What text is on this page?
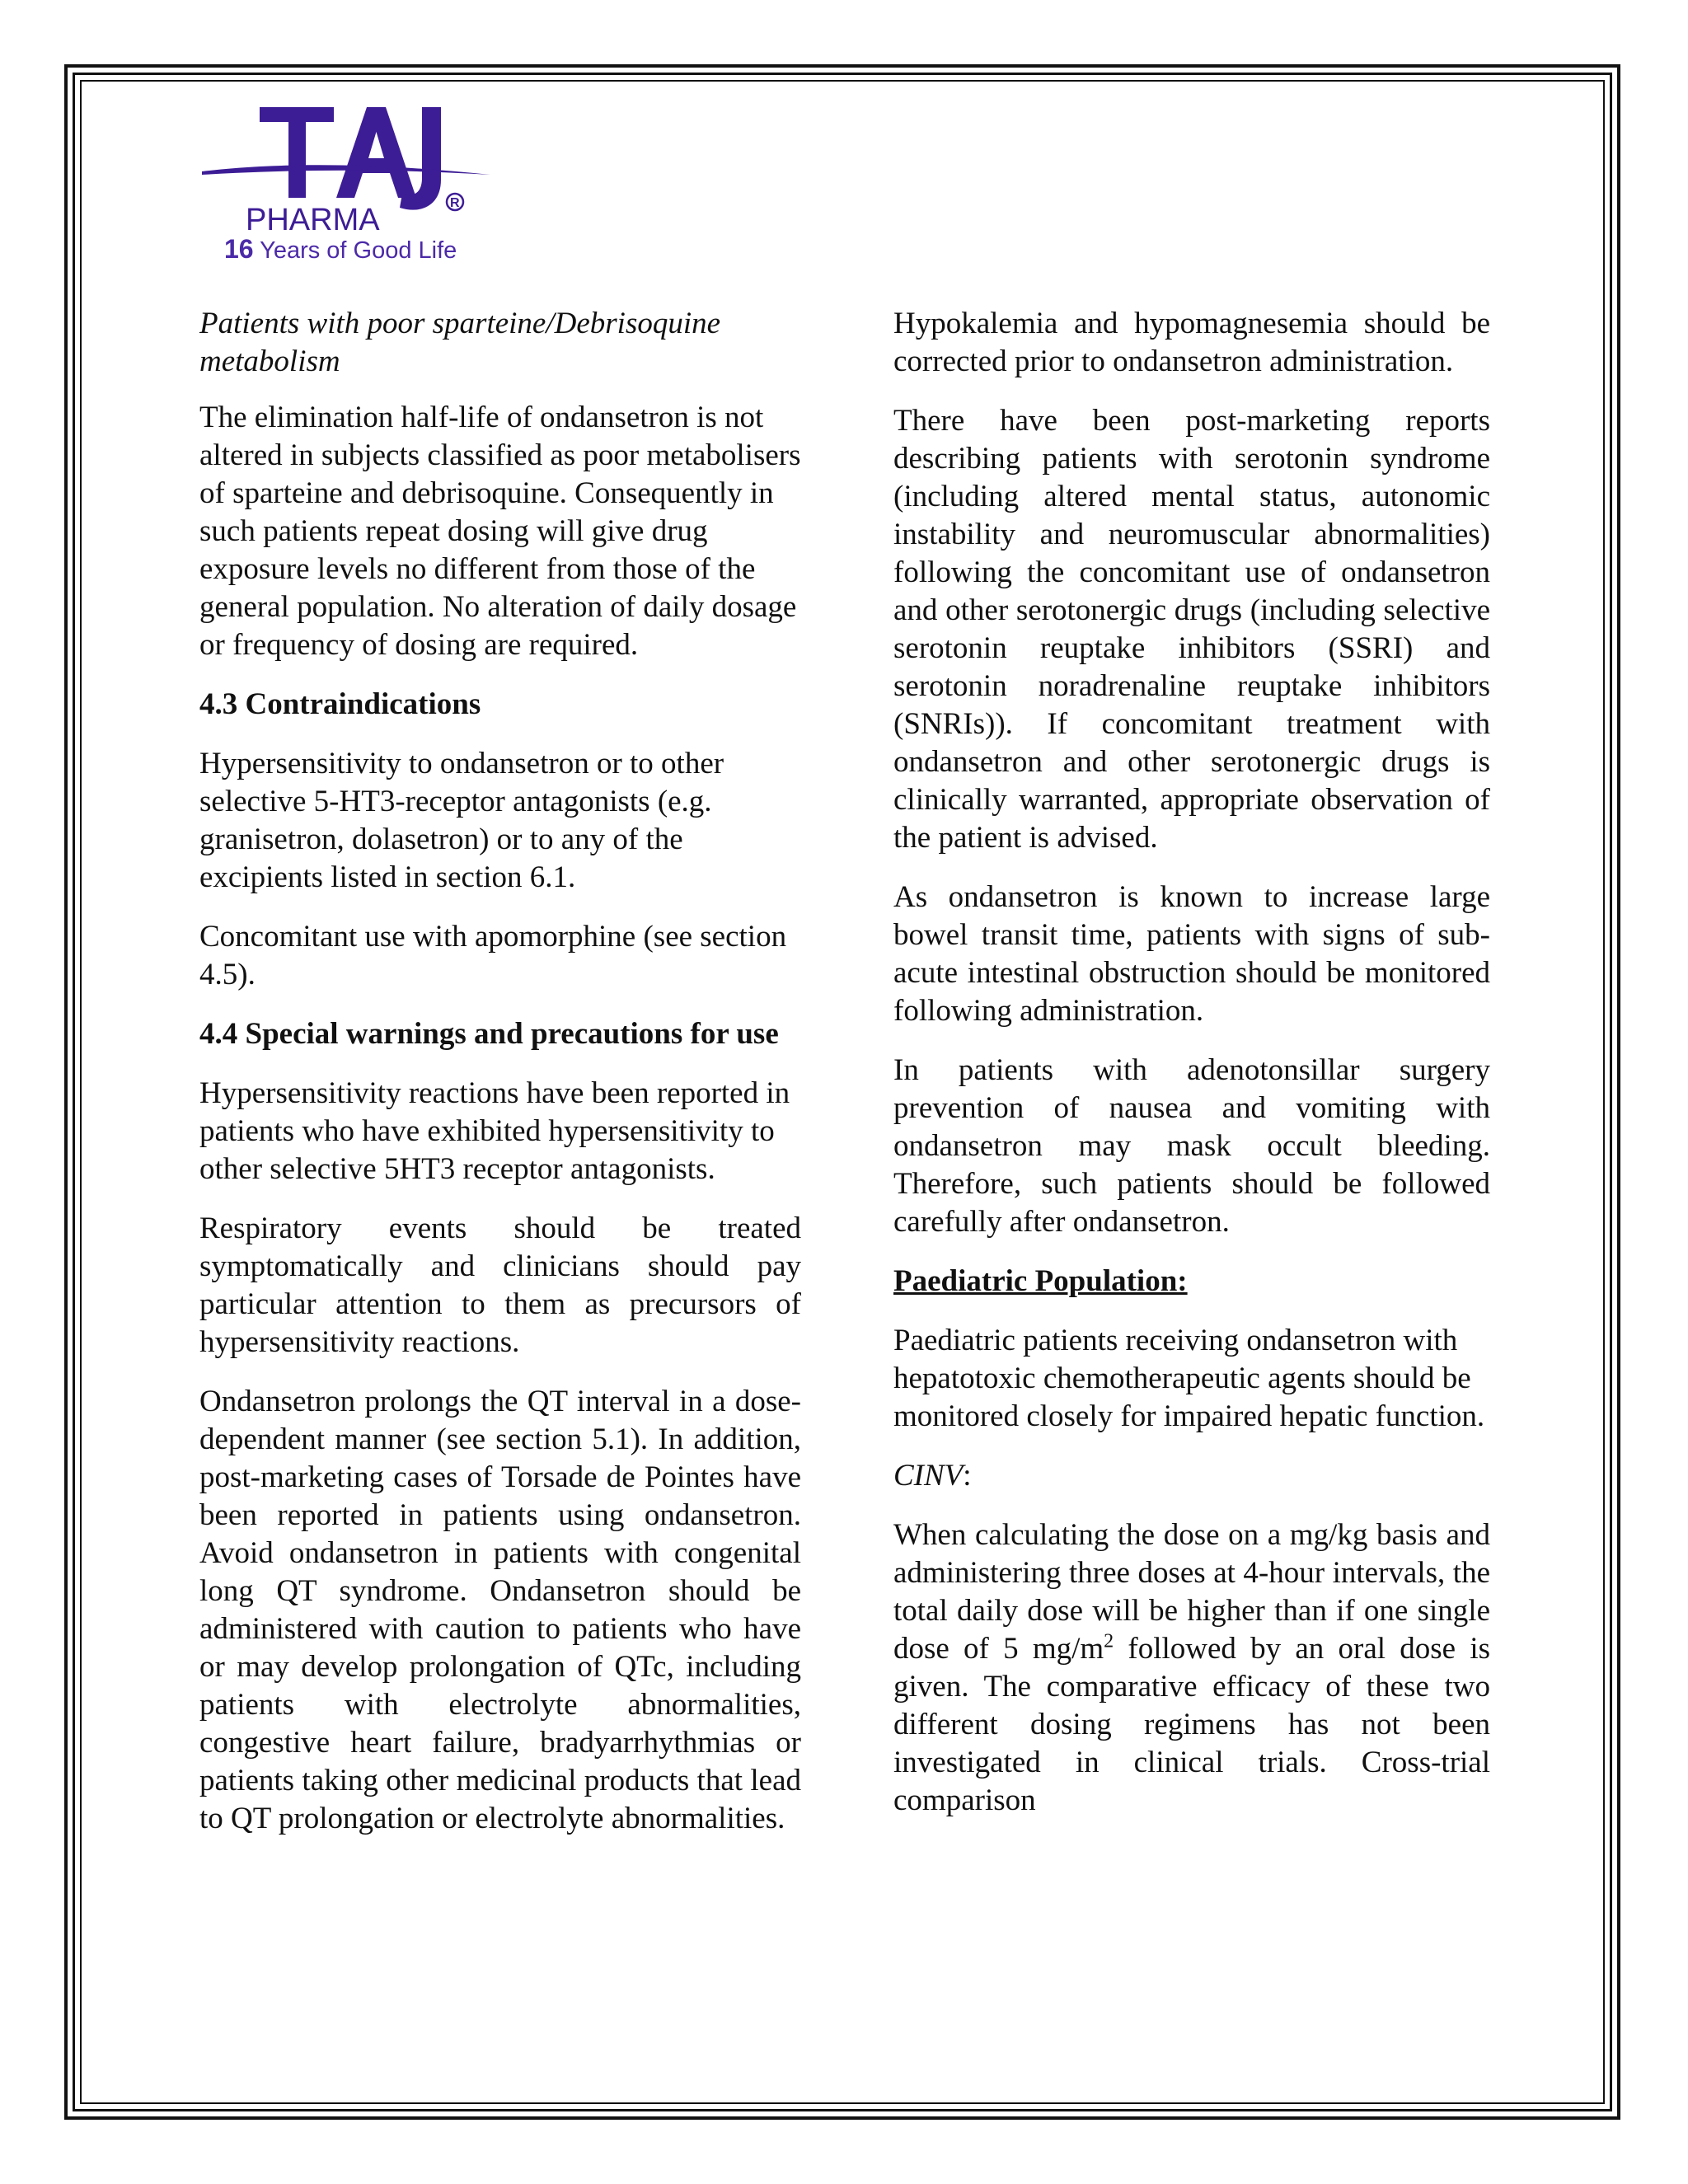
R
PHARMA
16 Years of Good Life

Patients with poor sparteine/Debrisoquine metabolism

The elimination half-life of ondansetron is not altered in subjects classified as poor metabolisers of sparteine and debrisoquine. Consequently in such patients repeat dosing will give drug exposure levels no different from those of the general population. No alteration of daily dosage or frequency of dosing are required.

4.3 Contraindications

Hypersensitivity to ondansetron or to other selective 5-HT3-receptor antagonists (e.g. granisetron, dolasetron) or to any of the excipients listed in section 6.1.

Concomitant use with apomorphine (see section 4.5).

4.4 Special warnings and precautions for use

Hypersensitivity reactions have been reported in patients who have exhibited hypersensitivity to other selective 5HT3 receptor antagonists.

Respiratory events should be treated symptomatically and clinicians should pay particular attention to them as precursors of hypersensitivity reactions.

Ondansetron prolongs the QT interval in a dose-dependent manner (see section 5.1). In addition, post-marketing cases of Torsade de Pointes have been reported in patients using ondansetron. Avoid ondansetron in patients with congenital long QT syndrome. Ondansetron should be administered with caution to patients who have or may develop prolongation of QTc, including patients with electrolyte abnormalities, congestive heart failure, bradyarrhythmias or patients taking other medicinal products that lead to QT prolongation or electrolyte abnormalities.

Hypokalemia and hypomagnesemia should be corrected prior to ondansetron administration.

There have been post-marketing reports describing patients with serotonin syndrome (including altered mental status, autonomic instability and neuromuscular abnormalities) following the concomitant use of ondansetron and other serotonergic drugs (including selective serotonin reuptake inhibitors (SSRI) and serotonin noradrenaline reuptake inhibitors (SNRIs)). If concomitant treatment with ondansetron and other serotonergic drugs is clinically warranted, appropriate observation of the patient is advised.

As ondansetron is known to increase large bowel transit time, patients with signs of sub-acute intestinal obstruction should be monitored following administration.

In patients with adenotonsillar surgery prevention of nausea and vomiting with ondansetron may mask occult bleeding. Therefore, such patients should be followed carefully after ondansetron.

Paediatric Population:

Paediatric patients receiving ondansetron with hepatotoxic chemotherapeutic agents should be monitored closely for impaired hepatic function.

CINV:

When calculating the dose on a mg/kg basis and administering three doses at 4-hour intervals, the total daily dose will be higher than if one single dose of 5 $mg/m^2$ followed by an oral dose is given. The comparative efficacy of these two different dosing regimens has not been investigated in clinical trials. Cross-trial comparison
